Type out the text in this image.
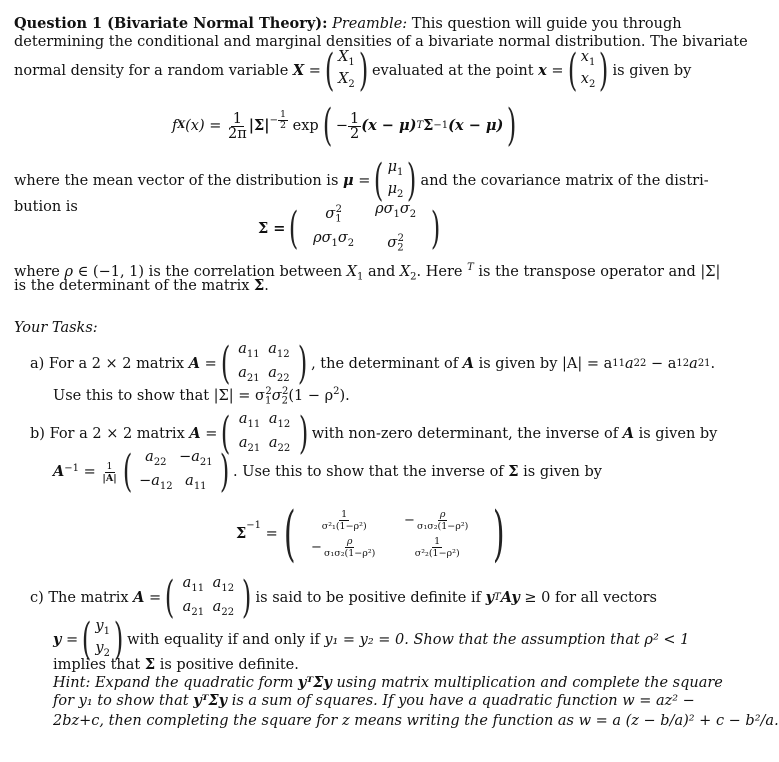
Question 1 (Bivariate Normal Theory): Preamble: This question will guide you through
determining the conditional and marginal densities of a bivariate normal distribution. The bivariate
normal density for a random variable
X
= ( $X_1$
$X_2$ ) evaluated at the point
x = ( $x_1$
$x_2$ ) is given by
f X (x) =
$\frac{1}{2\pi} |\Sigma|$ $^{- \frac{1}{2}}$
exp ( − $\frac{1}{2} (x - \mu)$ T Σ −1 (x − μ) )
where the mean vector of the distribution is
μ
= ( $\mu_1$
$\mu_2$ ) and the covariance matrix of the distri-
bution is
Σ = (	$\sigma_1^2$	$\rho\sigma_1\sigma_2$
$\rho\sigma_1\sigma_2$	$\sigma_2^2$ )
where ρ ∈ (−1, 1) is the correlation between $X_1$ and $X_2$. Here $^T$ is the transpose operator and |Σ|
is the determinant of the matrix Σ.
Your Tasks:
a)
For a 2 × 2 matrix
A
= ( $a_{11}$ $a_{12}$
$a_{21}$ $a_{22}$ ) , the determinant of
A
is given by |A| = a 11 a 22
− a 12 a 21 .
Use this to show that $|\Sigma| = \sigma_1^2\sigma_2^2(1 - \rho^2)$.
b)
For a 2 × 2 matrix
A
= ( $a_{11}$ $a_{12}$
$a_{21}$ $a_{22}$ ) with non-zero determinant, the inverse of
A
is given by
$A^{-1}$
=
$\frac{1}{|A|}$ ( $a_{22} -a_{21}$
$-a_{12}$ $a_{11}$ ) . Use this to show that the inverse of
Σ
is given by
$\Sigma^{-1}$

= ( $\frac{1}{\text{σ²₁(1−ρ²)}} - \frac{\rho}{\text{σ₁σ₂(1−ρ²)}}$
− $\frac{\rho}{\text{σ₁σ₂(1−ρ²)}} \frac{1}{\text{σ²₂(1−ρ²)}}$ )
c)
The matrix
A
= ( $a_{11}$ $a_{12}$
$a_{21}$ $a_{22}$ ) is said to be positive definite if
y T Ay
≥ 0 for all vectors
y
= ( $y_1$
$y_2$ ) with equality if and only if
y₁ = y₂ = 0. Show that the assumption that
ρ² < 1
implies that Σ is positive definite.
Hint: Expand the quadratic form yᵀΣy using matrix multiplication and complete the square
for y₁ to show that yᵀΣy is a sum of squares. If you have a quadratic function w = az² −
2bz+c, then completing the square for z means writing the function as w = a (z − b/a)² + c − b²/a.
